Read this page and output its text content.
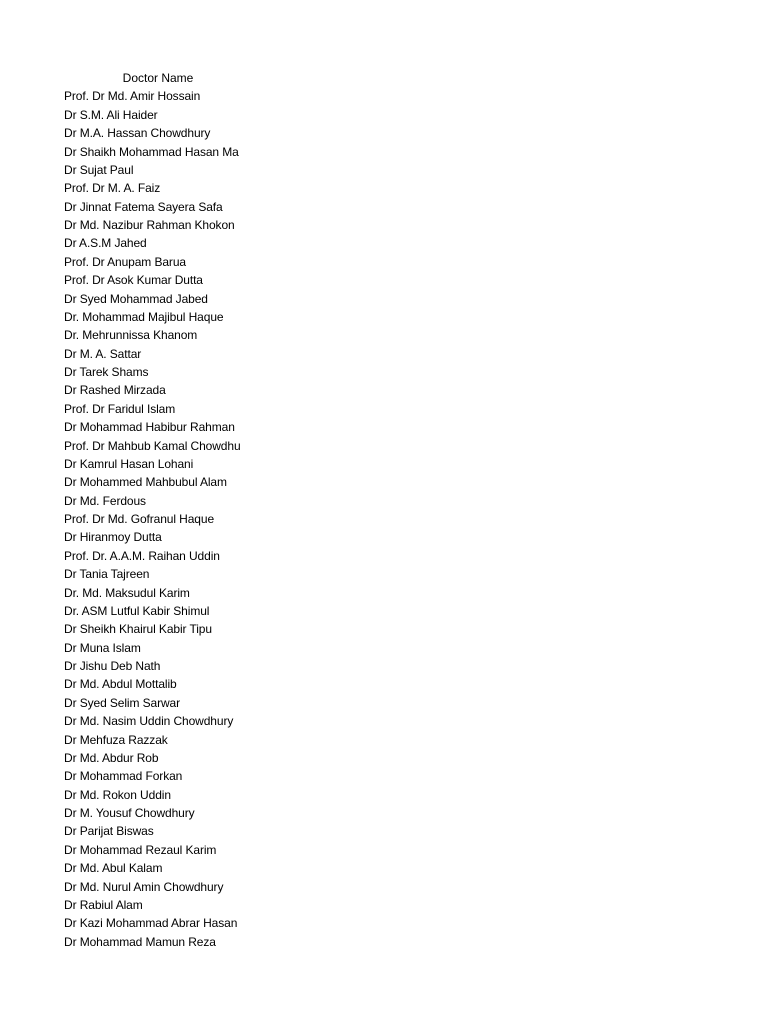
Doctor Name
Prof. Dr Md. Amir Hossain
Dr S.M. Ali Haider
Dr M.A. Hassan Chowdhury
Dr Shaikh Mohammad Hasan Ma
Dr Sujat Paul
Prof. Dr M. A. Faiz
Dr Jinnat Fatema Sayera Safa
Dr Md. Nazibur Rahman Khokon
Dr A.S.M Jahed
Prof. Dr Anupam Barua
Prof. Dr Asok Kumar Dutta
Dr Syed Mohammad Jabed
Dr. Mohammad Majibul Haque
Dr. Mehrunnissa Khanom
Dr M. A. Sattar
Dr Tarek Shams
Dr Rashed Mirzada
Prof. Dr Faridul Islam
Dr Mohammad Habibur Rahman
Prof. Dr Mahbub Kamal Chowdhu
Dr Kamrul Hasan Lohani
Dr Mohammed Mahbubul Alam
Dr Md. Ferdous
Prof. Dr Md. Gofranul Haque
Dr Hiranmoy Dutta
Prof. Dr. A.A.M. Raihan Uddin
Dr Tania Tajreen
Dr. Md. Maksudul Karim
Dr. ASM Lutful Kabir Shimul
Dr Sheikh Khairul Kabir Tipu
Dr Muna Islam
Dr Jishu Deb Nath
Dr Md. Abdul Mottalib
Dr Syed Selim Sarwar
Dr Md. Nasim Uddin Chowdhury
Dr Mehfuza Razzak
Dr Md. Abdur Rob
Dr Mohammad Forkan
Dr Md. Rokon Uddin
Dr M. Yousuf Chowdhury
Dr Parijat Biswas
Dr Mohammad Rezaul Karim
Dr Md. Abul Kalam
Dr Md. Nurul Amin Chowdhury
Dr Rabiul Alam
Dr Kazi Mohammad Abrar Hasan
Dr Mohammad Mamun Reza
